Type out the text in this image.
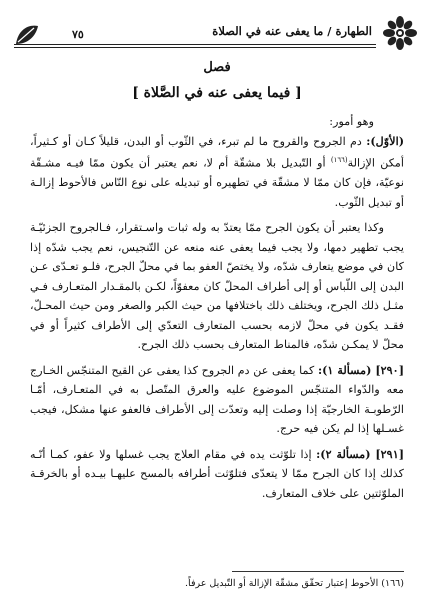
الطهارة / ما يعفى عنه في الصلاة
٧٥
فصل
[ فيما يعفى عنه في الصَّلاة ]

وهو أمور:

(الأوّل): دم الجروح والقروح ما لم تبرء، في الثّوب أو البدن، قليلاً كـان أو كـثيراً، أمكن الإزالة$^{(١٦٦)}$ أو التّبديل بلا مشقّة أم لا، نعم يعتبر أن يكون ممّا فيـه مشـقّة نوعيّة، فإن كان ممّا لا مشقّة في تطهيره أو تبديله على نوع النّاس فالأحوط إزالـة أو تبديل الثّوب.

وكذا يعتبر أن يكون الجرح ممّا يعتدّ به وله ثبات واسـتقرار، فـالجروح الجزئيّـة يجب تطهير دمها، ولا يجب فيما يعفى عنه منعه عن التّنجيس، نعم يجب شدّه إذا كان في موضع يتعارف شدّه، ولا يختصّ العفو بما في محلّ الجرح، فلـو تعـدّى عـن البدن إلى اللّباس أو إلى أطراف المحلّ كان معفوّاً، لكـن بالمقـدار المتعـارف فـي مثـل ذلك الجرح، ويختلف ذلك باختلافها من حيث الكبر والصغر ومن حيث المحـلّ، فقـد يكون في محلّ لازمه بحسب المتعارف التعدّي إلى الأطراف كثيراً أو في محلّ لا يمكـن شدّه، فالمناط المتعارف بحسب ذلك الجرح.

[٢٩٠] (مسألة ١): كما يعفى عن دم الجروح كذا يعفى عن القيح المتنجّس الخـارج معه والدّواء المتنجّس الموضوع عليه والعرق المتّصل به في المتعـارف، أمّـا الرّطوبـة الخارجيّة إذا وصلت إليه وتعدّت إلى الأطراف فالعفو عنها مشكل، فيجب غسـلها إذا لم يكن فيه حرج.

[٢٩١] (مسألة ٢): إذا تلوّثت يده في مقام العلاج يجب غسلها ولا عفو، كمـا أنّـه كذلك إذا كان الجرح ممّا لا يتعدّى فتلوّثت أطرافه بالمسح عليهـا بيـده أو بالخرقـة الملوّثتين على خلاف المتعارف.

(١٦٦) الأحوط إعتبار تحقّق مشقّة الإزالة أو التّبديل عرفاً.
